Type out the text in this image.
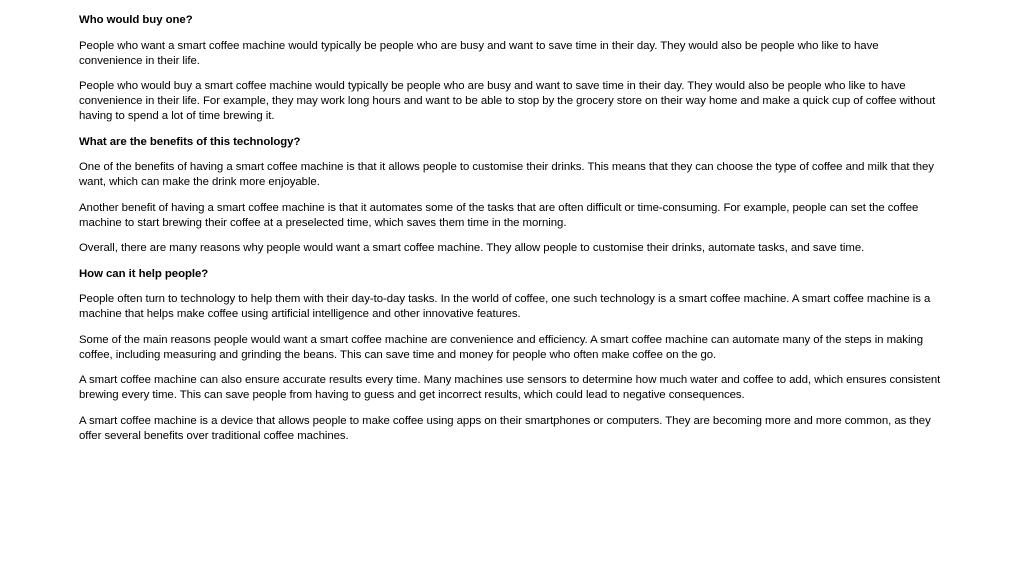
Who would buy one?

People who want a smart coffee machine would typically be people who are busy and want to save time in their day. They would also be people who like to have convenience in their life.

People who would buy a smart coffee machine would typically be people who are busy and want to save time in their day. They would also be people who like to have convenience in their life. For example, they may work long hours and want to be able to stop by the grocery store on their way home and make a quick cup of coffee without having to spend a lot of time brewing it.

What are the benefits of this technology?

One of the benefits of having a smart coffee machine is that it allows people to customise their drinks. This means that they can choose the type of coffee and milk that they want, which can make the drink more enjoyable.

Another benefit of having a smart coffee machine is that it automates some of the tasks that are often difficult or time-consuming. For example, people can set the coffee machine to start brewing their coffee at a preselected time, which saves them time in the morning.

Overall, there are many reasons why people would want a smart coffee machine. They allow people to customise their drinks, automate tasks, and save time.

How can it help people?

People often turn to technology to help them with their day-to-day tasks. In the world of coffee, one such technology is a smart coffee machine. A smart coffee machine is a machine that helps make coffee using artificial intelligence and other innovative features.

Some of the main reasons people would want a smart coffee machine are convenience and efficiency. A smart coffee machine can automate many of the steps in making coffee, including measuring and grinding the beans. This can save time and money for people who often make coffee on the go.

A smart coffee machine can also ensure accurate results every time. Many machines use sensors to determine how much water and coffee to add, which ensures consistent brewing every time. This can save people from having to guess and get incorrect results, which could lead to negative consequences.

A smart coffee machine is a device that allows people to make coffee using apps on their smartphones or computers. They are becoming more and more common, as they offer several benefits over traditional coffee machines.
